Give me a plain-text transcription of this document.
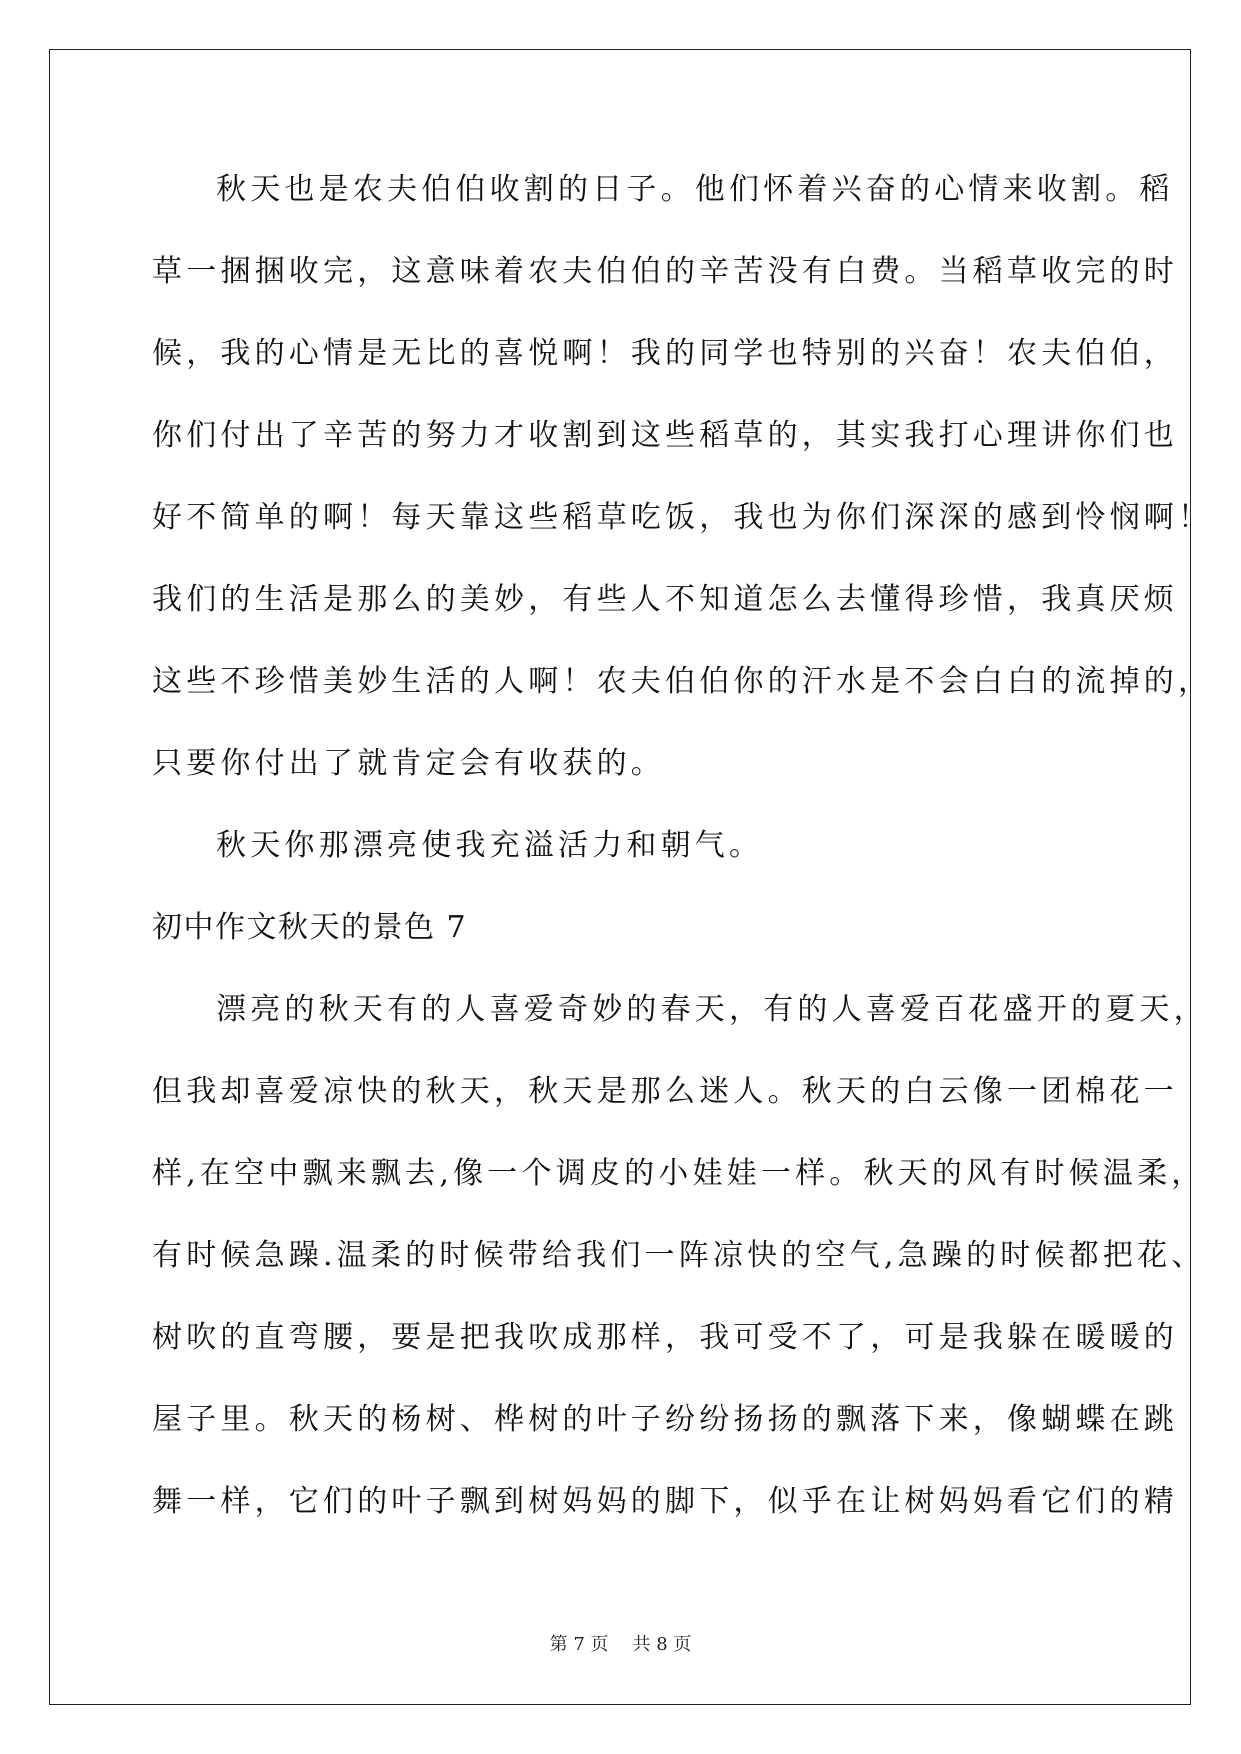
秋天也是农夫伯伯收割的日子。他们怀着兴奋的心情来收割。稻
草一捆捆收完，这意味着农夫伯伯的辛苦没有白费。当稻草收完的时
候，我的心情是无比的喜悦啊！我的同学也特别的兴奋！农夫伯伯，
你们付出了辛苦的努力才收割到这些稻草的，其实我打心理讲你们也
好不简单的啊！每天靠这些稻草吃饭，我也为你们深深的感到怜悯啊！
我们的生活是那么的美妙，有些人不知道怎么去懂得珍惜，我真厌烦
这些不珍惜美妙生活的人啊！农夫伯伯你的汗水是不会白白的流掉的，
只要你付出了就肯定会有收获的。
秋天你那漂亮使我充溢活力和朝气。
初中作文秋天的景色 7
漂亮的秋天有的人喜爱奇妙的春天，有的人喜爱百花盛开的夏天，
但我却喜爱凉快的秋天，秋天是那么迷人。秋天的白云像一团棉花一
样,在空中飘来飘去,像一个调皮的小娃娃一样。秋天的风有时候温柔，
有时候急躁.温柔的时候带给我们一阵凉快的空气,急躁的时候都把花、
树吹的直弯腰，要是把我吹成那样，我可受不了，可是我躲在暖暖的
屋子里。秋天的杨树、桦树的叶子纷纷扬扬的飘落下来，像蝴蝶在跳
舞一样，它们的叶子飘到树妈妈的脚下，似乎在让树妈妈看它们的精
第 7 页 共 8 页
